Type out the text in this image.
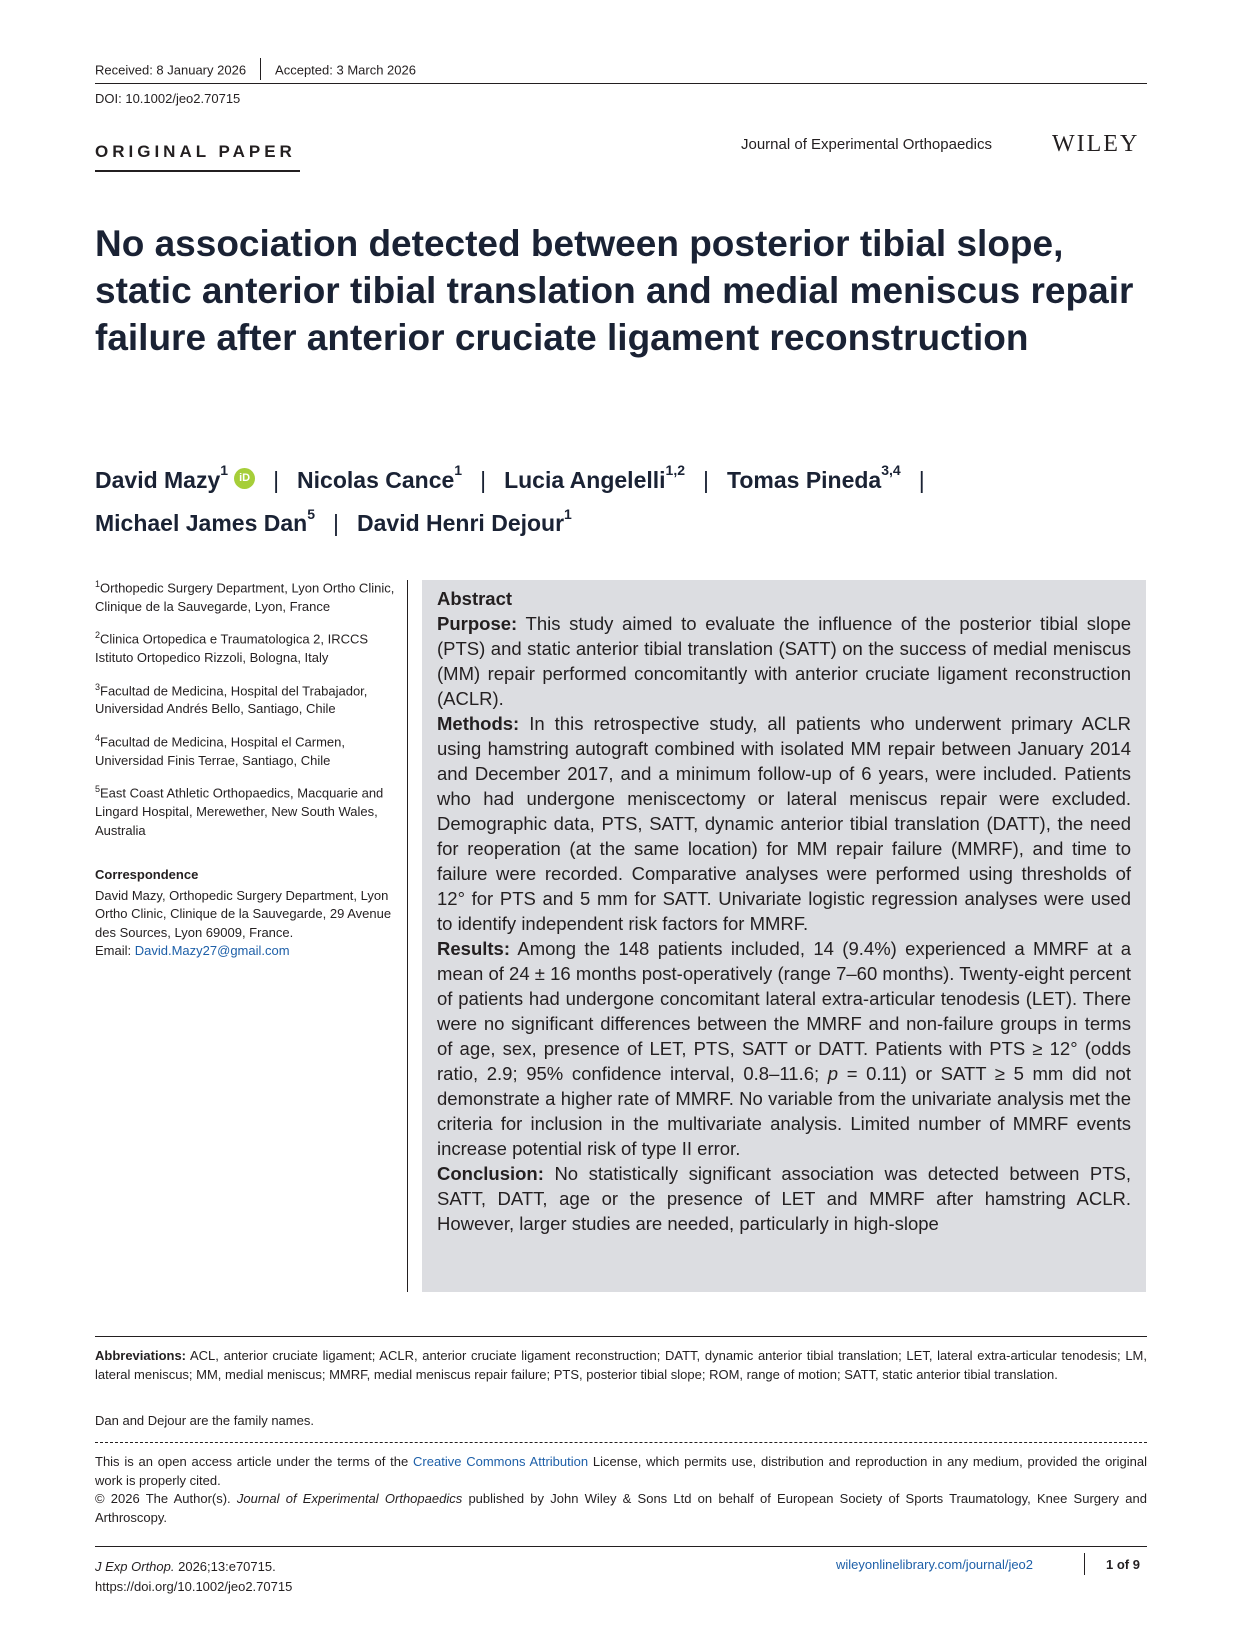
Received: 8 January 2026 Accepted: 3 March 2026
DOI: 10.1002/jeo2.70715
ORIGINAL PAPER	Journal of Experimental Orthopaedics	WILEY
No association detected between posterior tibial slope, static anterior tibial translation and medial meniscus repair failure after anterior cruciate ligament reconstruction
David Mazy$^1$iD | Nicolas Cance$^1$ | Lucia Angelelli$^{1,2}$ | Tomas Pineda$^{3,4}$ |
Michael James Dan$^5$ | David Henri Dejour$^1$

$^1$Orthopedic Surgery Department, Lyon Ortho Clinic, Clinique de la Sauvegarde, Lyon, France

$^2$Clinica Ortopedica e Traumatologica 2, IRCCS Istituto Ortopedico Rizzoli, Bologna, Italy

$^3$Facultad de Medicina, Hospital del Trabajador, Universidad Andrés Bello, Santiago, Chile

$^4$Facultad de Medicina, Hospital el Carmen, Universidad Finis Terrae, Santiago, Chile

$^5$East Coast Athletic Orthopaedics, Macquarie and Lingard Hospital, Merewether, New South Wales, Australia

Correspondence

David Mazy, Orthopedic Surgery Department, Lyon Ortho Clinic, Clinique de la Sauvegarde, 29 Avenue des Sources, Lyon 69009, France.
Email: David.Mazy27@gmail.com

Abstract

Purpose: This study aimed to evaluate the influence of the posterior tibial slope (PTS) and static anterior tibial translation (SATT) on the success of medial meniscus (MM) repair performed concomitantly with anterior cruciate ligament reconstruction (ACLR).

Methods: In this retrospective study, all patients who underwent primary ACLR using hamstring autograft combined with isolated MM repair between January 2014 and December 2017, and a minimum follow-up of 6 years, were included. Patients who had undergone meniscectomy or lateral meniscus repair were excluded. Demographic data, PTS, SATT, dynamic anterior tibial translation (DATT), the need for reoperation (at the same location) for MM repair failure (MMRF), and time to failure were recorded. Comparative analyses were performed using thresholds of 12° for PTS and 5 mm for SATT. Univariate logistic regression analyses were used to identify independent risk factors for MMRF.

Results: Among the 148 patients included, 14 (9.4%) experienced a MMRF at a mean of 24 ± 16 months post-operatively (range 7–60 months). Twenty-eight percent of patients had undergone concomitant lateral extra-articular tenodesis (LET). There were no significant differences between the MMRF and non-failure groups in terms of age, sex, presence of LET, PTS, SATT or DATT. Patients with PTS ≥ 12° (odds ratio, 2.9; 95% confidence interval, 0.8–11.6; p = 0.11) or SATT ≥ 5 mm did not demonstrate a higher rate of MMRF. No variable from the univariate analysis met the criteria for inclusion in the multivariate analysis. Limited number of MMRF events increase potential risk of type II error.

Conclusion: No statistically significant association was detected between PTS, SATT, DATT, age or the presence of LET and MMRF after hamstring ACLR. However, larger studies are needed, particularly in high-slope

Abbreviations: ACL, anterior cruciate ligament; ACLR, anterior cruciate ligament reconstruction; DATT, dynamic anterior tibial translation; LET, lateral extra-articular tenodesis; LM, lateral meniscus; MM, medial meniscus; MMRF, medial meniscus repair failure; PTS, posterior tibial slope; ROM, range of motion; SATT, static anterior tibial translation.
Dan and Dejour are the family names.
This is an open access article under the terms of the Creative Commons Attribution License, which permits use, distribution and reproduction in any medium, provided the original work is properly cited.
© 2026 The Author(s). Journal of Experimental Orthopaedics published by John Wiley & Sons Ltd on behalf of European Society of Sports Traumatology, Knee Surgery and Arthroscopy.
J Exp Orthop. 2026;13:e70715.
https://doi.org/10.1002/jeo2.70715
wileyonlinelibrary.com/journal/jeo2	1 of 9
